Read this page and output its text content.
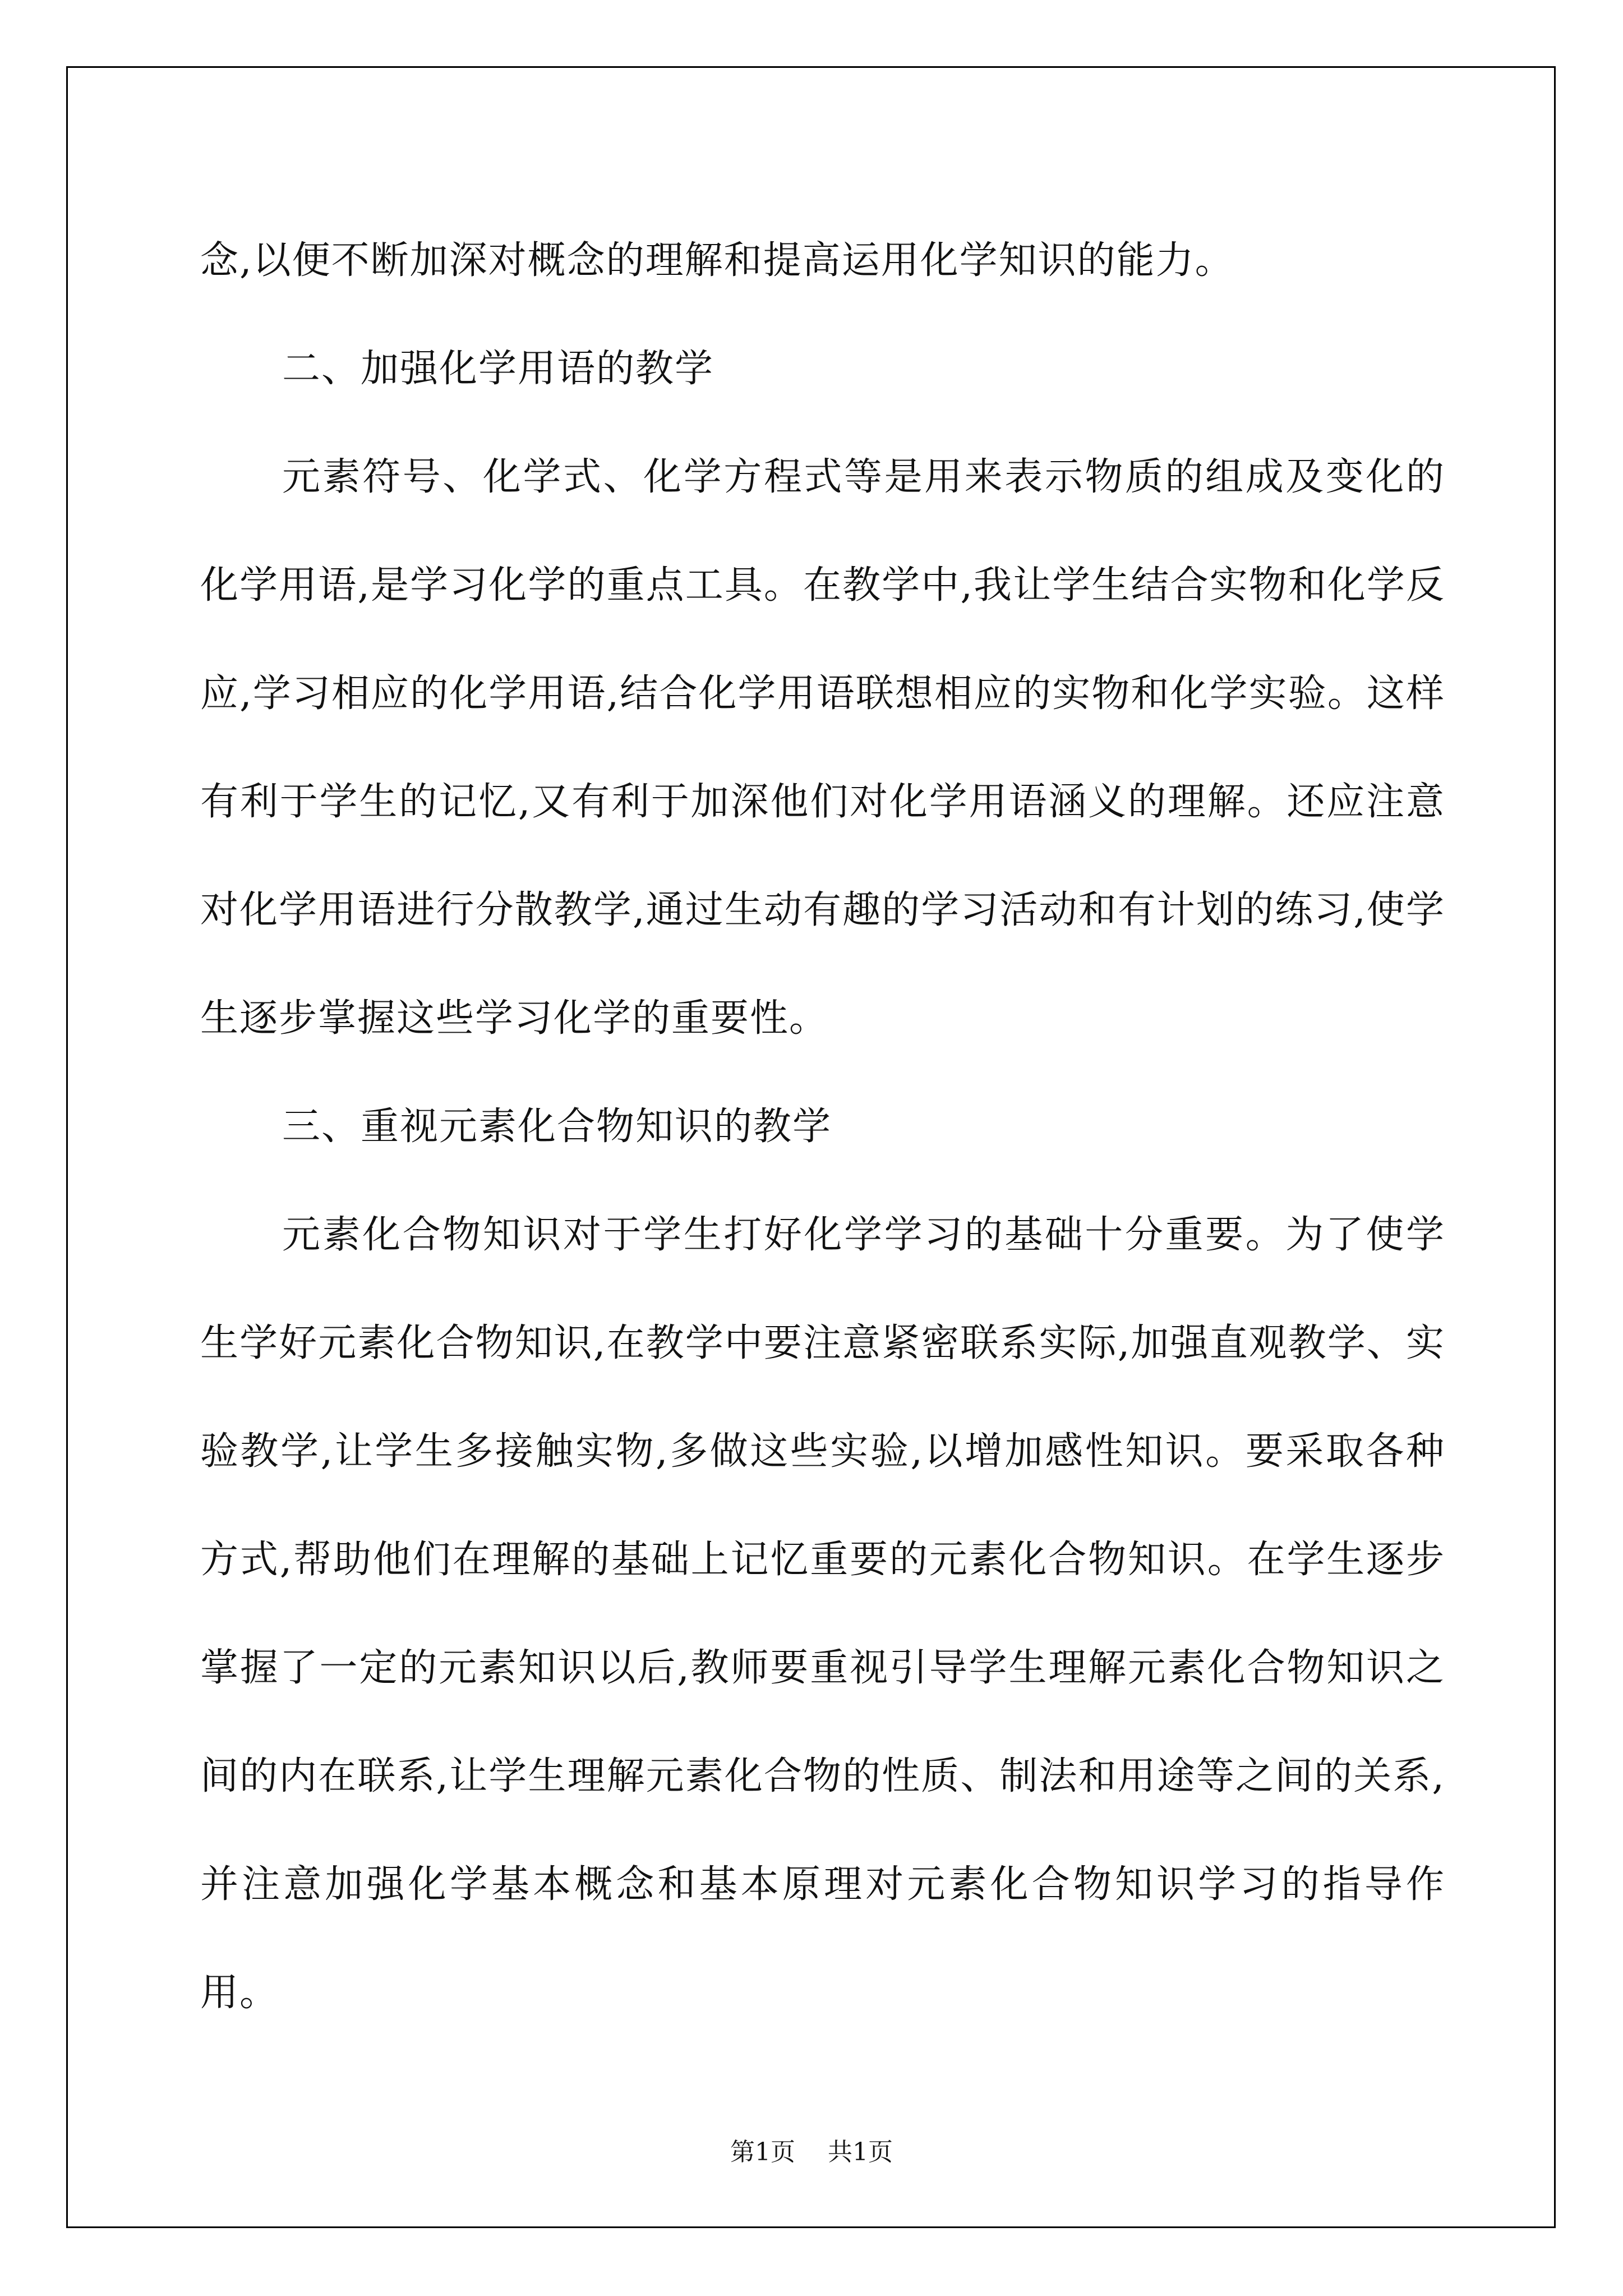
念,以便不断加深对概念的理解和提高运用化学知识的能力。

二、加强化学用语的教学

元素符号、化学式、化学方程式等是用来表示物质的组成及变化的化学用语,是学习化学的重点工具。在教学中,我让学生结合实物和化学反应,学习相应的化学用语,结合化学用语联想相应的实物和化学实验。这样有利于学生的记忆,又有利于加深他们对化学用语涵义的理解。还应注意对化学用语进行分散教学,通过生动有趣的学习活动和有计划的练习,使学生逐步掌握这些学习化学的重要性。

三、重视元素化合物知识的教学

元素化合物知识对于学生打好化学学习的基础十分重要。为了使学生学好元素化合物知识,在教学中要注意紧密联系实际,加强直观教学、实验教学,让学生多接触实物,多做这些实验,以增加感性知识。要采取各种方式,帮助他们在理解的基础上记忆重要的元素化合物知识。在学生逐步掌握了一定的元素知识以后,教师要重视引导学生理解元素化合物知识之间的内在联系,让学生理解元素化合物的性质、制法和用途等之间的关系,并注意加强化学基本概念和基本原理对元素化合物知识学习的指导作用。

第1页 共1页
